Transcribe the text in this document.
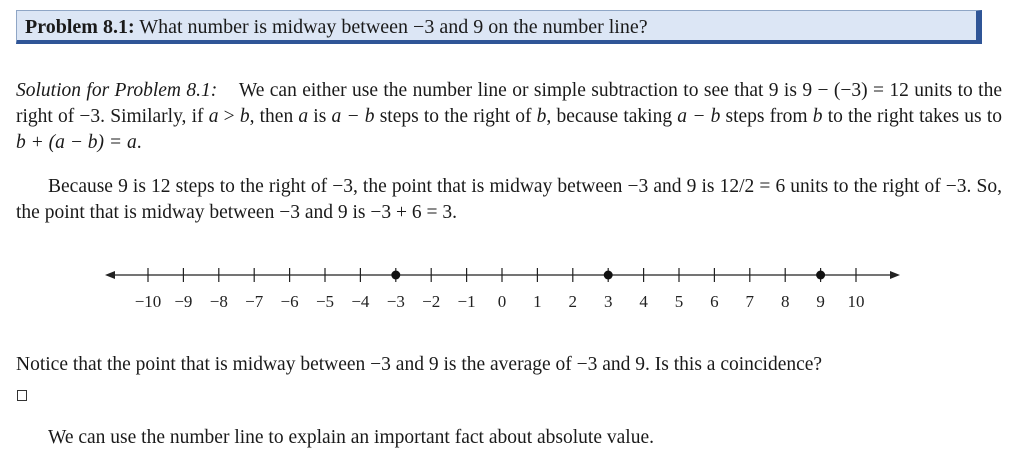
Problem 8.1: What number is midway between −3 and 9 on the number line?
Solution for Problem 8.1: We can either use the number line or simple subtraction to see that 9 is 9 − (−3) = 12 units to the right of −3. Similarly, if a > b, then a is a − b steps to the right of b, because taking a − b steps from b to the right takes us to b + (a − b) = a.
Because 9 is 12 steps to the right of −3, the point that is midway between −3 and 9 is 12/2 = 6 units to the right of −3. So, the point that is midway between −3 and 9 is −3 + 6 = 3.
−10 −9 −8 −7 −6 −5 −4 −3 −2 −1 0 1 2 3 4 5 6 7 8 9 10
Notice that the point that is midway between −3 and 9 is the average of −3 and 9. Is this a coincidence?
We can use the number line to explain an important fact about absolute value.
